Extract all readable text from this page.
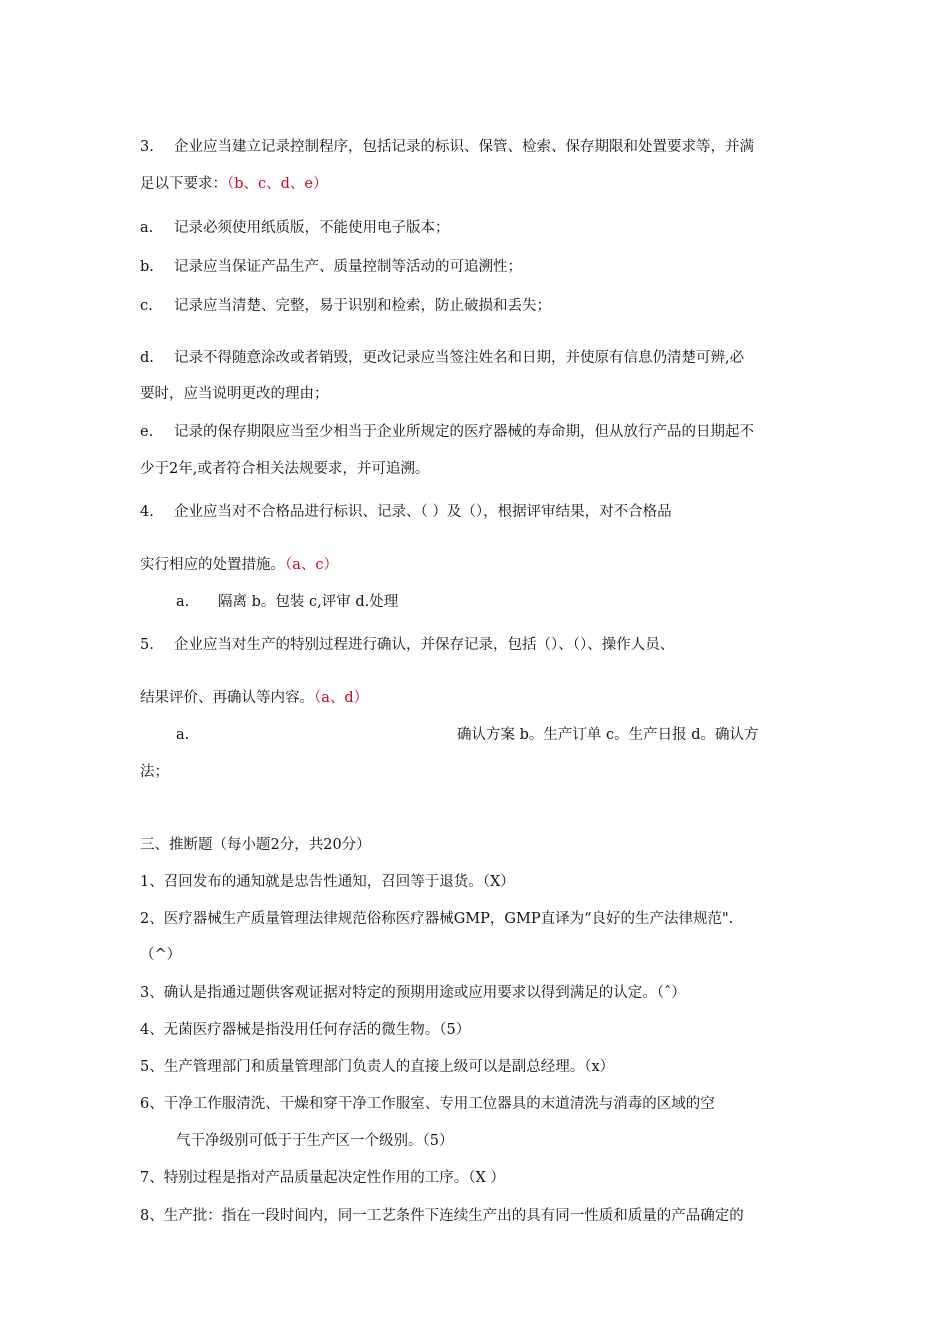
3. 企业应当建立记录控制程序，包括记录的标识、保管、检索、保存期限和处置要求等，并满
足以下要求：（b、c、d、e）
a. 记录必须使用纸质版，不能使用电子版本；
b. 记录应当保证产品生产、质量控制等活动的可追溯性；
c. 记录应当清楚、完整，易于识别和检索，防止破损和丢失；
d. 记录不得随意涂改或者销毁，更改记录应当签注姓名和日期，并使原有信息仍清楚可辨,必
要时，应当说明更改的理由；
e. 记录的保存期限应当至少相当于企业所规定的医疗器械的寿命期，但从放行产品的日期起不
少于2年,或者符合相关法规要求，并可追溯。
4. 企业应当对不合格品进行标识、记录、（ ）及（），根据评审结果，对不合格品
实行相应的处置措施。（a、c）
a. 隔离 b。包装 c,评审 d.处理
5. 企业应当对生产的特别过程进行确认，并保存记录，包括（）、（）、操作人员、
结果评价、再确认等内容。（a、d）
a.	确认方案 b。生产订单 c。生产日报 d。确认方
法；
三、推断题（每小题2分，共20分）
1、召回发布的通知就是忠告性通知，召回等于退货。（X）
2、医疗器械生产质量管理法律规范俗称医疗器械GMP，GMP直译为“良好的生产法律规范".
（^）
3、确认是指通过题供客观证据对特定的预期用途或应用要求以得到满足的认定。（ˆ）
4、无菌医疗器械是指没用任何存活的微生物。（5）
5、生产管理部门和质量管理部门负责人的直接上级可以是副总经理。（x）
6、干净工作服清洗、干燥和穿干净工作服室、专用工位器具的末道清洗与消毒的区域的空
气干净级别可低于于生产区一个级别。（5）
7、特别过程是指对产品质量起决定性作用的工序。（X ）
8、生产批：指在一段时间内，同一工艺条件下连续生产出的具有同一性质和质量的产品确定的
